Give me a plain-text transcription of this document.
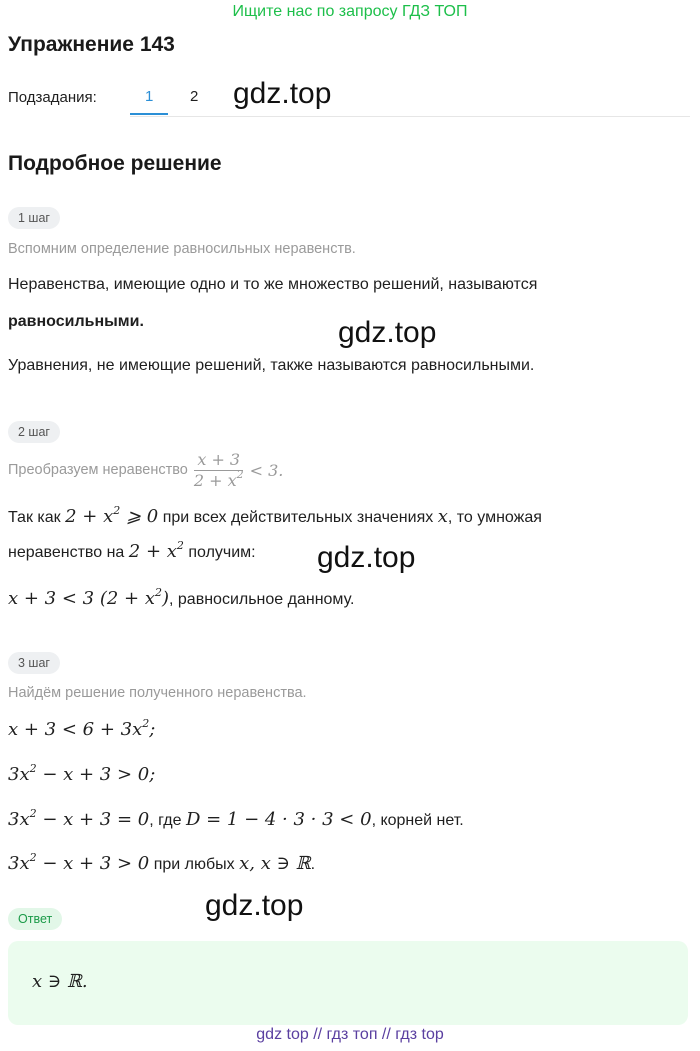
Ищите нас по запросу ГДЗ ТОП
Упражнение 143
Подзадания:	1 2 gdz.top
Подробное решение
1 шаг
Вспомним определение равносильных неравенств.
Неравенства, имеющие одно и то же множество решений, называются
равносильными.	gdz.top
Уравнения, не имеющие решений, также называются равносильными.
2 шаг
Преобразуем неравенство $\frac{x + 3}{2 + x^2} < 3$.
Так как $2 + x^2$ ⩾ 0 при всех действительных значениях x, то умножая
неравенство на $2 + x^2$ получим: gdz.top
x + 3 < 3 $(2 + x^2)$, равносильное данному.
3 шаг
Найдём решение полученного неравенства.
$x + 3 < 6 + 3x^2$;
$3x^2 - x + 3 > 0$;
$3x^2 - x + 3 = 0$, где D = 1 − 4 · 3 · 3 < 0, корней нет.
$3x^2 - x + 3 > 0$ при любых x, x ∋ ℝ.
gdz.top
Ответ
x ∋ ℝ.
gdz top // гдз топ // гдз top
